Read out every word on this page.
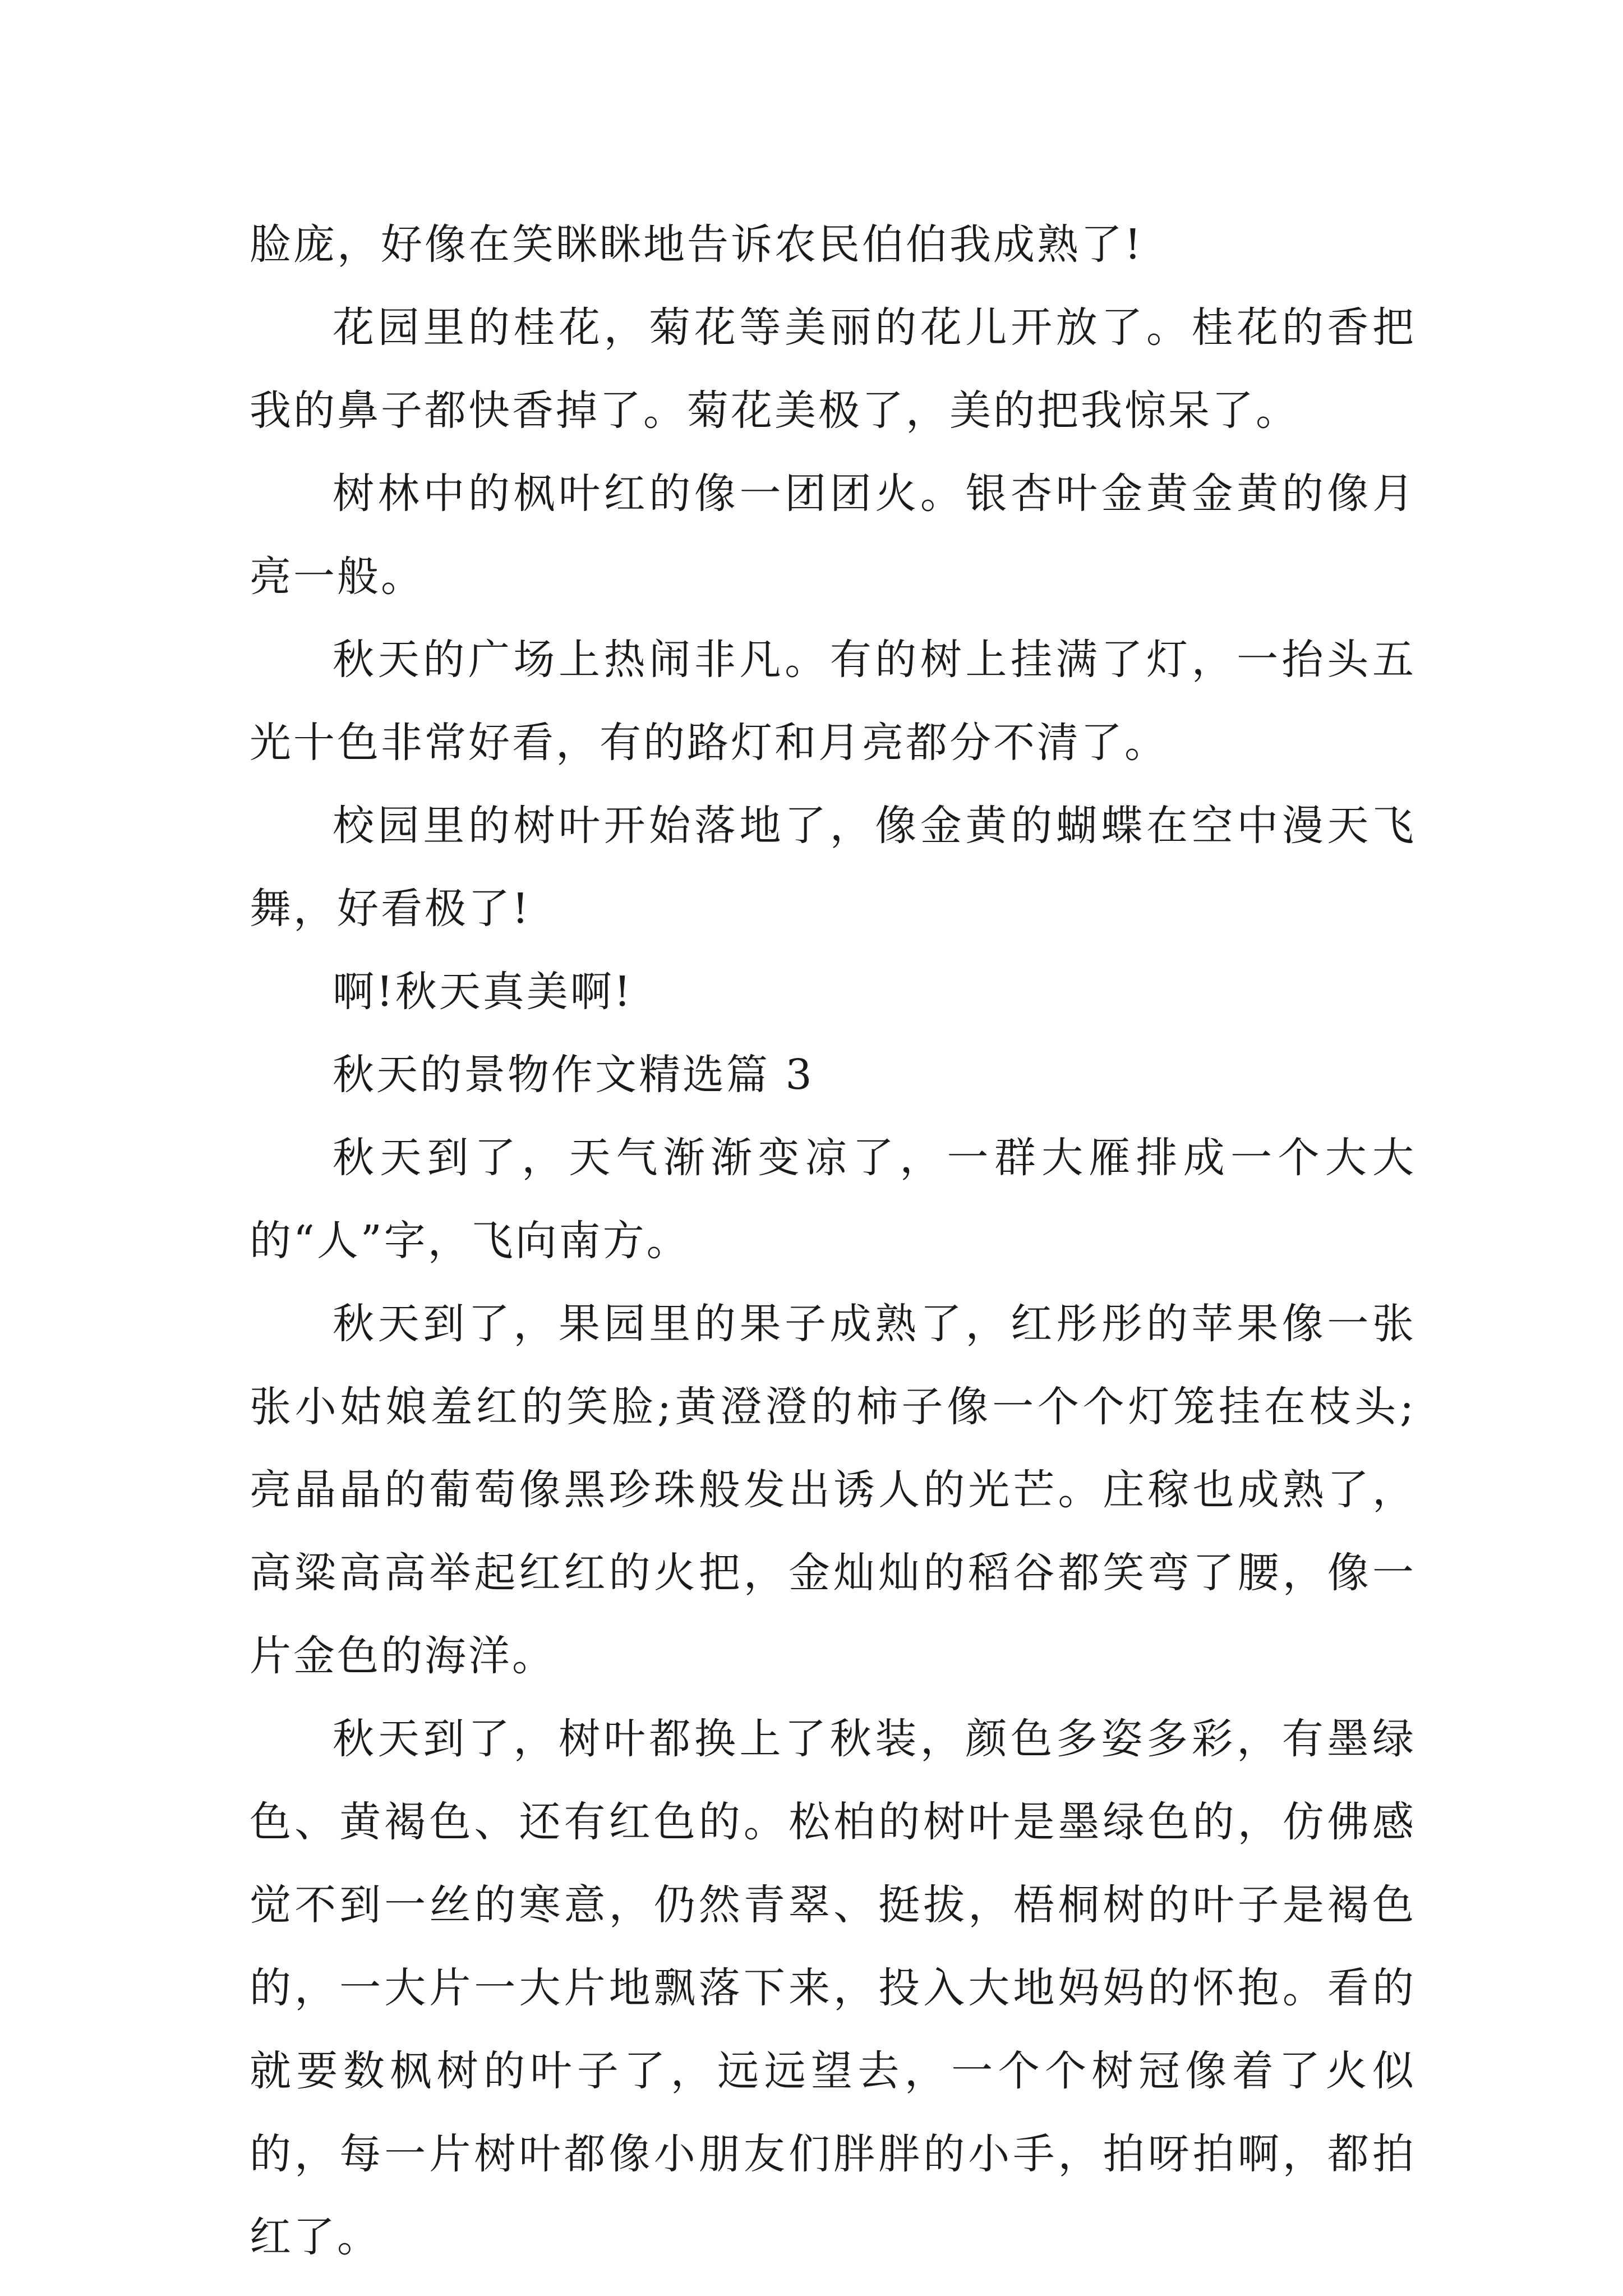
脸庞，好像在笑眯眯地告诉农民伯伯我成熟了!

花园里的桂花，菊花等美丽的花儿开放了。桂花的香把我的鼻子都快香掉了。菊花美极了，美的把我惊呆了。

树林中的枫叶红的像一团团火。银杏叶金黄金黄的像月亮一般。

秋天的广场上热闹非凡。有的树上挂满了灯，一抬头五光十色非常好看，有的路灯和月亮都分不清了。

校园里的树叶开始落地了，像金黄的蝴蝶在空中漫天飞舞，好看极了!

啊!秋天真美啊!

秋天的景物作文精选篇 3

秋天到了，天气渐渐变凉了，一群大雁排成一个大大的“人”字，飞向南方。

秋天到了，果园里的果子成熟了，红彤彤的苹果像一张张小姑娘羞红的笑脸;黄澄澄的柿子像一个个灯笼挂在枝头;亮晶晶的葡萄像黑珍珠般发出诱人的光芒。庄稼也成熟了，高粱高高举起红红的火把，金灿灿的稻谷都笑弯了腰，像一片金色的海洋。

秋天到了，树叶都换上了秋装，颜色多姿多彩，有墨绿色、黄褐色、还有红色的。松柏的树叶是墨绿色的，仿佛感觉不到一丝的寒意，仍然青翠、挺拔，梧桐树的叶子是褐色的，一大片一大片地飘落下来，投入大地妈妈的怀抱。看的就要数枫树的叶子了，远远望去，一个个树冠像着了火似的，每一片树叶都像小朋友们胖胖的小手，拍呀拍啊，都拍红了。
